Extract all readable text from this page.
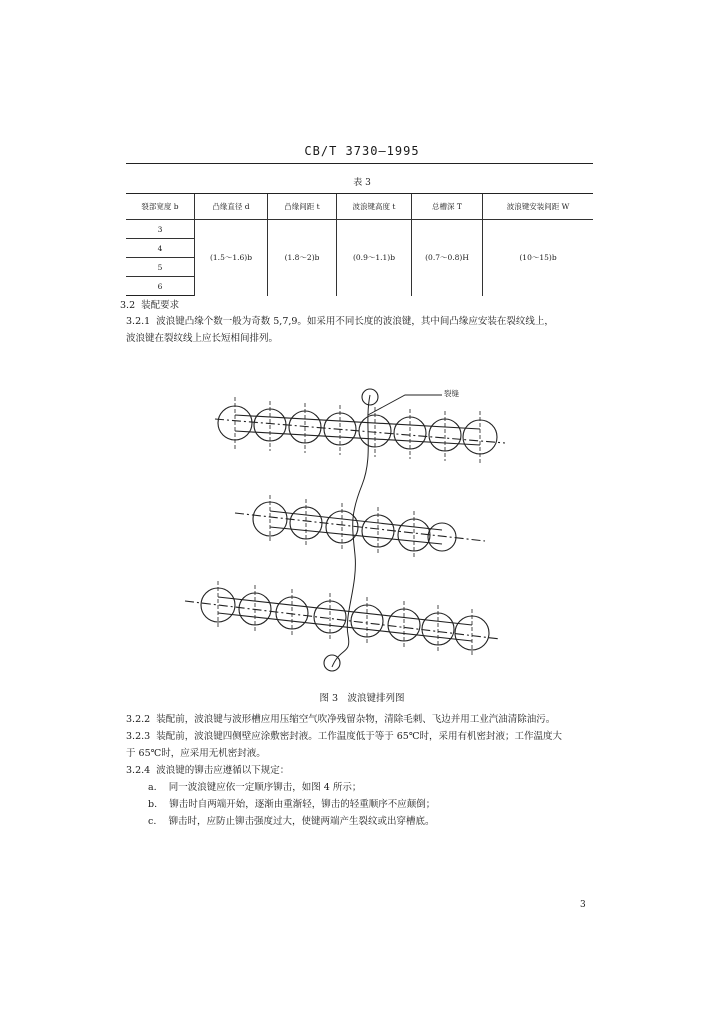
CB/T 3730—1995
表 3
裂部宽度 b	凸缘直径 d	凸缘间距 t	波浪键高度 t	总槽深 T	波浪键安装间距 W
3	(1.5～1.6)b	(1.8～2)b	(0.9～1.1)b	(0.7～0.8)H	(10～15)b
4					
5					
6					
3.2 装配要求
3.2.1 波浪键凸缘个数一般为奇数 5,7,9。如采用不同长度的波浪键，其中间凸缘应安装在裂纹线上，
波浪键在裂纹线上应长短相间排列。
裂缝
图 3　波浪键排列图
3.2.2 装配前，波浪键与波形槽应用压缩空气吹净残留杂物，清除毛刺、飞边并用工业汽油清除油污。
3.2.3 装配前，波浪键四侧壁应涂敷密封液。工作温度低于等于 65℃时，采用有机密封液；工作温度大
于 65℃时，应采用无机密封液。
3.2.4 波浪键的铆击应遵循以下规定：
a. 同一波浪键应依一定顺序铆击，如图 4 所示；
b. 铆击时自两端开始，逐渐由重渐轻，铆击的轻重顺序不应颠倒；
c. 铆击时，应防止铆击强度过大，使键两端产生裂纹或出穿槽底。
3
